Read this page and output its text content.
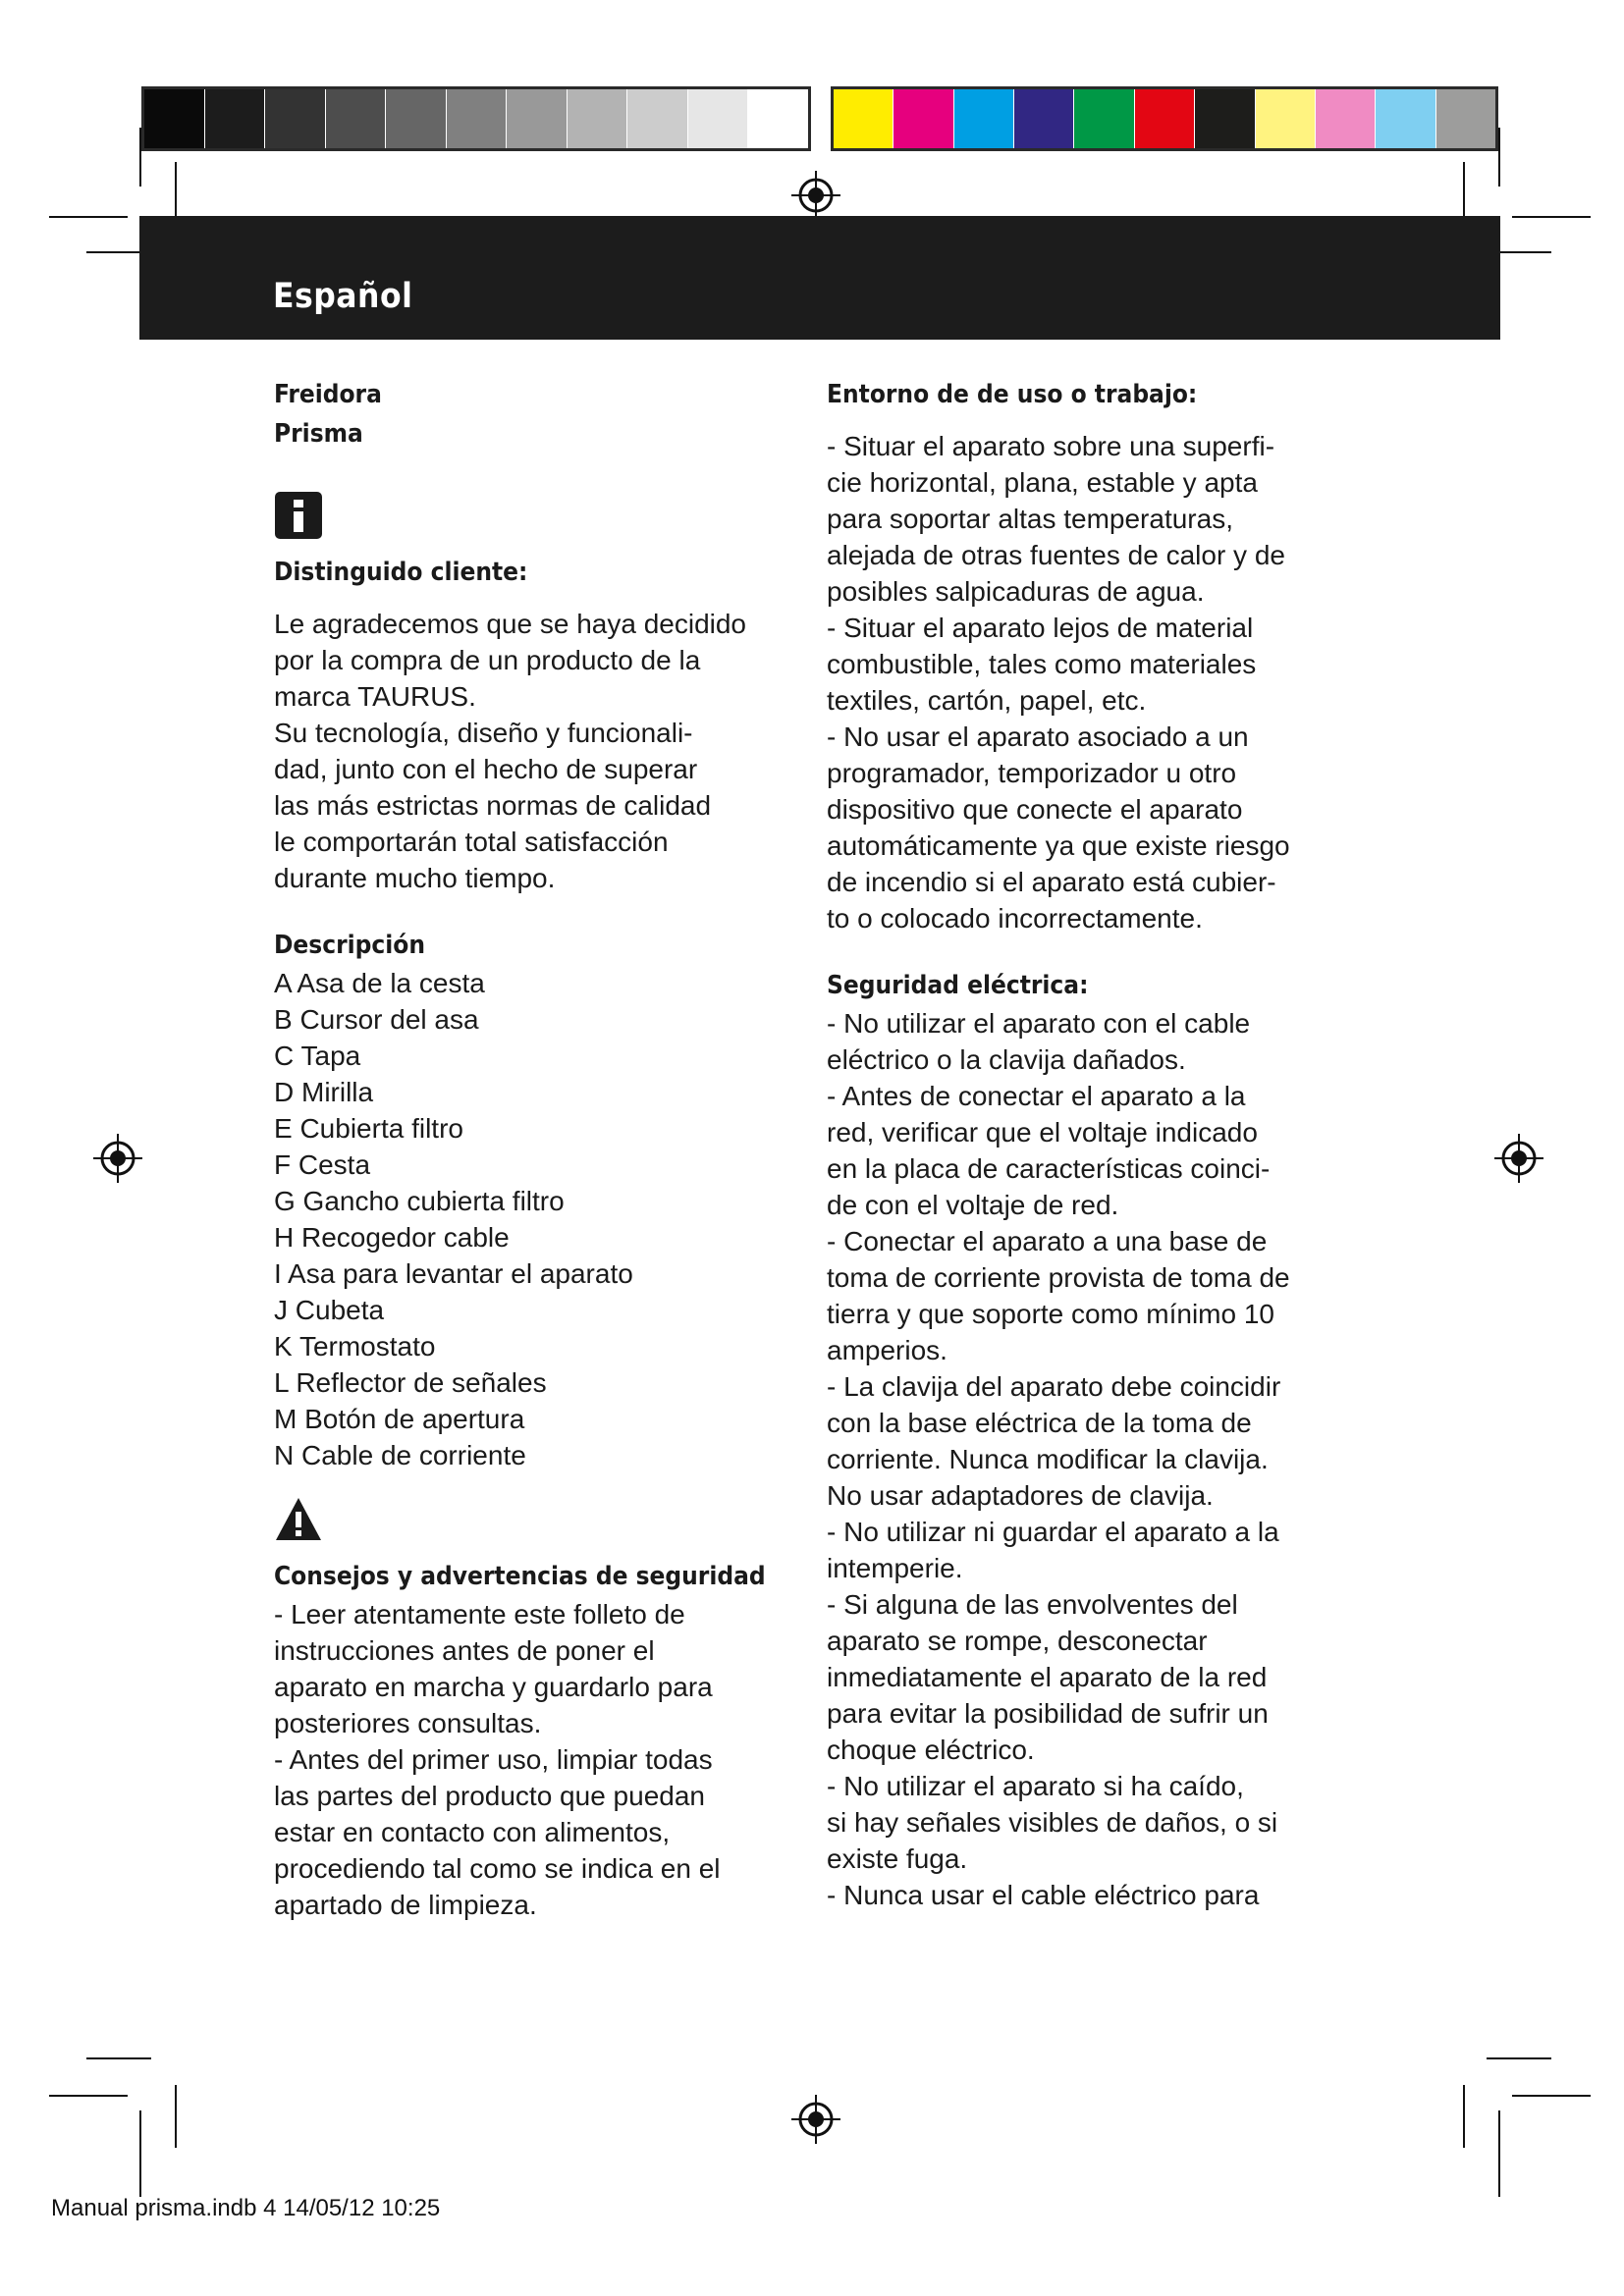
Español
Freidora
Prisma
Distinguido cliente:

Le agradecemos que se haya decidido

por la compra de un producto de la

marca TAURUS.

Su tecnología, diseño y funcionali-

dad, junto con el hecho de superar

las más estrictas normas de calidad

le comportarán total satisfacción

durante mucho tiempo.

Descripción

A Asa de la cesta

B Cursor del asa

C Tapa

D Mirilla

E Cubierta filtro

F Cesta

G Gancho cubierta filtro

H Recogedor cable

I Asa para levantar el aparato

J Cubeta

K Termostato

L Reflector de señales

M Botón de apertura

N Cable de corriente

Consejos y advertencias de seguridad

- Leer atentamente este folleto de

instrucciones antes de poner el

aparato en marcha y guardarlo para

posteriores consultas.

- Antes del primer uso, limpiar todas

las partes del producto que puedan

estar en contacto con alimentos,

procediendo tal como se indica en el

apartado de limpieza.

Entorno de de uso o trabajo:

- Situar el aparato sobre una superfi-

cie horizontal, plana, estable y apta

para soportar altas temperaturas,

alejada de otras fuentes de calor y de

posibles salpicaduras de agua.

- Situar el aparato lejos de material

combustible, tales como materiales

textiles, cartón, papel, etc.

- No usar el aparato asociado a un

programador, temporizador u otro

dispositivo que conecte el aparato

automáticamente ya que existe riesgo

de incendio si el aparato está cubier-

to o colocado incorrectamente.

Seguridad eléctrica:

- No utilizar el aparato con el cable

eléctrico o la clavija dañados.

- Antes de conectar el aparato a la

red, verificar que el voltaje indicado

en la placa de características coinci-

de con el voltaje de red.

- Conectar el aparato a una base de

toma de corriente provista de toma de

tierra y que soporte como mínimo 10

amperios.

- La clavija del aparato debe coincidir

con la base eléctrica de la toma de

corriente. Nunca modificar la clavija.

No usar adaptadores de clavija.

- No utilizar ni guardar el aparato a la

intemperie.

- Si alguna de las envolventes del

aparato se rompe, desconectar

inmediatamente el aparato de la red

para evitar la posibilidad de sufrir un

choque eléctrico.

- No utilizar el aparato si ha caído,

si hay señales visibles de daños, o si

existe fuga.

- Nunca usar el cable eléctrico para

Manual prisma.indb 4 14/05/12 10:25
